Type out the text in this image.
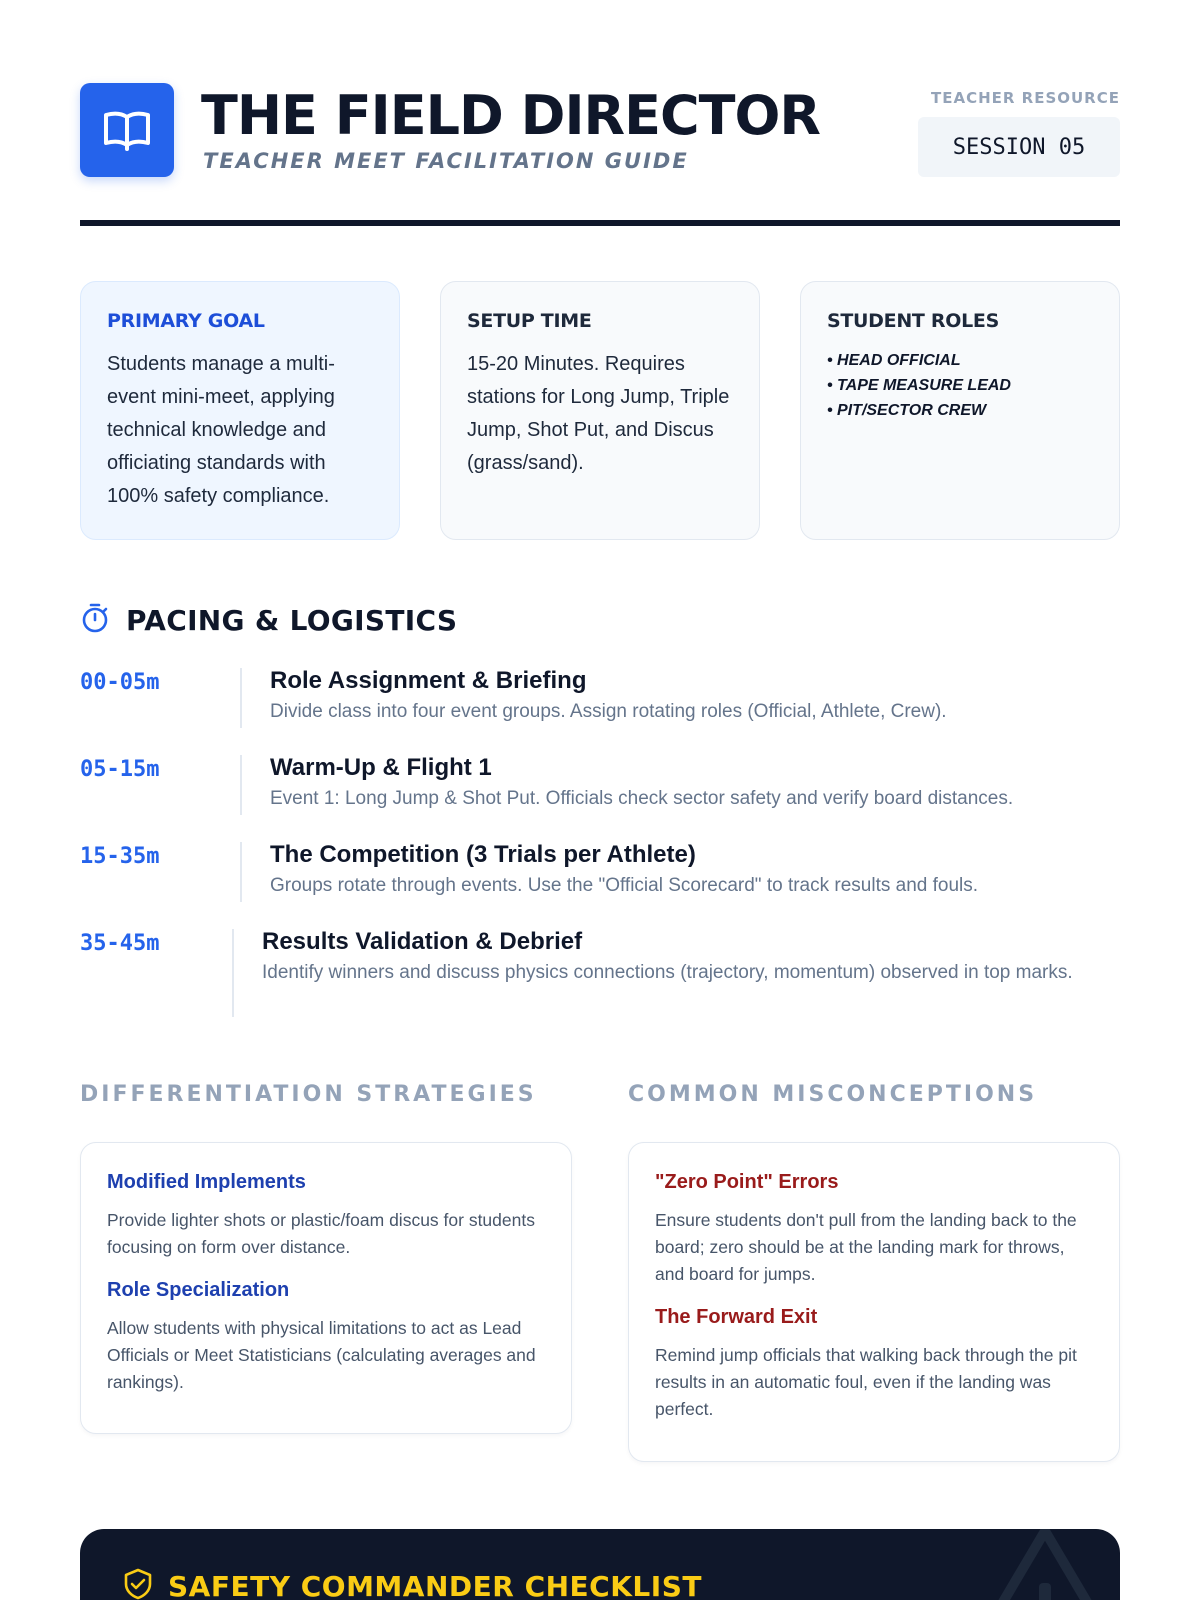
THE FIELD DIRECTOR
TEACHER MEET FACILITATION GUIDE
TEACHER RESOURCE
SESSION 05
PRIMARY GOAL

Students manage a multi-event mini-meet, applying technical knowledge and officiating standards with 100% safety compliance.

SETUP TIME

15-20 Minutes. Requires stations for Long Jump, Triple Jump, Shot Put, and Discus (grass/sand).

STUDENT ROLES
• HEAD OFFICIAL
• TAPE MEASURE LEAD
• PIT/SECTOR CREW
PACING & LOGISTICS
00-05m	Role Assignment & Briefing
Divide class into four event groups. Assign rotating roles (Official, Athlete, Crew).
05-15m	Warm-Up & Flight 1
Event 1: Long Jump & Shot Put. Officials check sector safety and verify board distances.
15-35m	The Competition (3 Trials per Athlete)
Groups rotate through events. Use the "Official Scorecard" to track results and fouls.
35-45m	Results Validation & Debrief
Identify winners and discuss physics connections (trajectory, momentum) observed in top marks.
DIFFERENTIATION STRATEGIES
Modified Implements

Provide lighter shots or plastic/foam discus for students focusing on form over distance.

Role Specialization

Allow students with physical limitations to act as Lead Officials or Meet Statisticians (calculating averages and rankings).

COMMON MISCONCEPTIONS
"Zero Point" Errors

Ensure students don't pull from the landing back to the board; zero should be at the landing mark for throws, and board for jumps.

The Forward Exit

Remind jump officials that walking back through the pit results in an automatic foul, even if the landing was perfect.

SAFETY COMMANDER CHECKLIST
